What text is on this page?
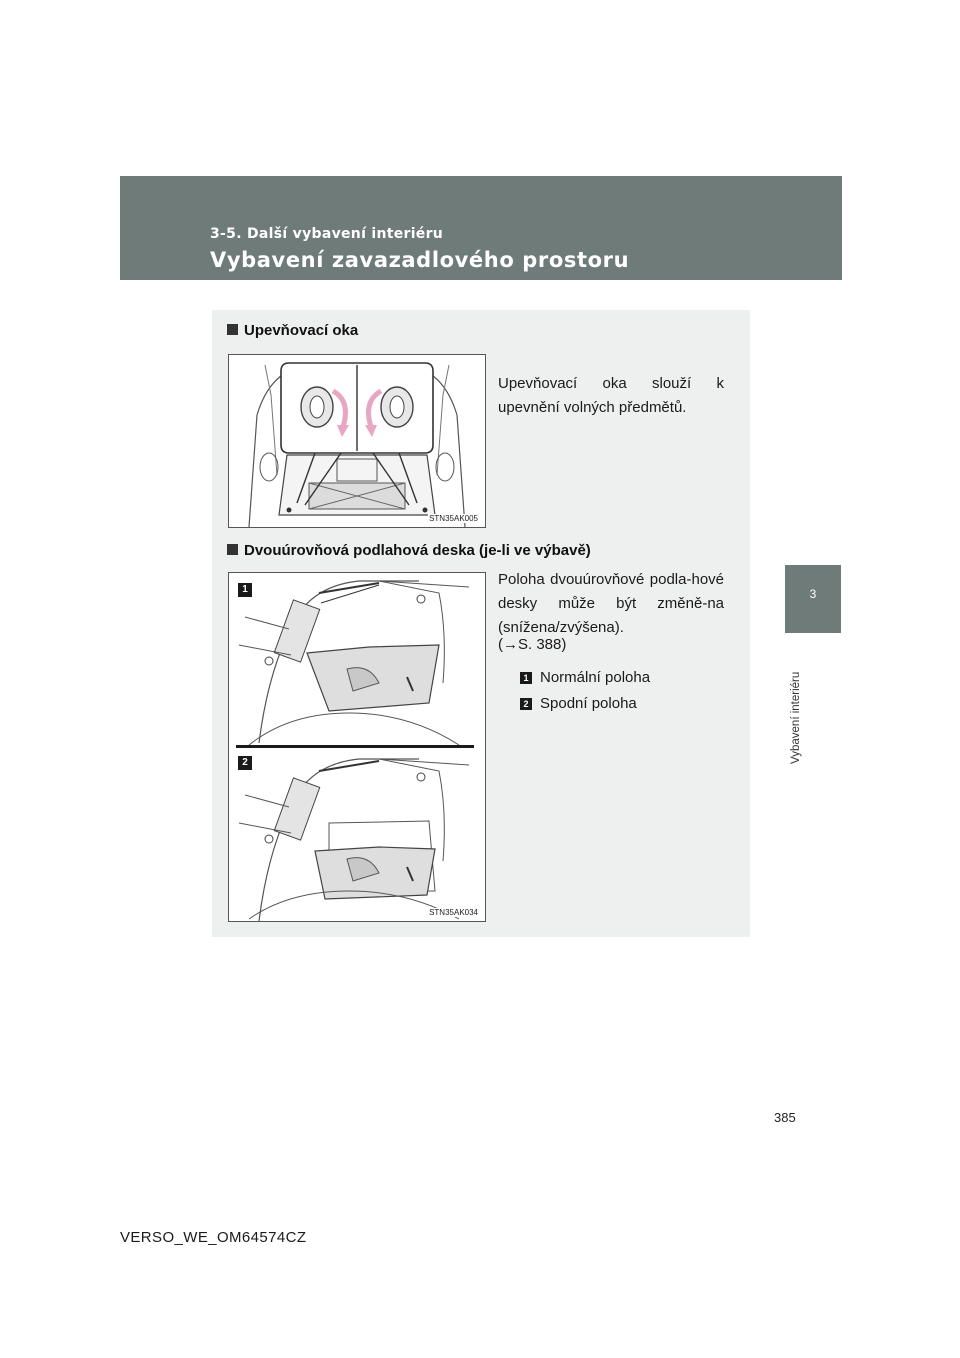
3-5. Další vybavení interiéru
Vybavení zavazadlového prostoru
3
Vybavení interiéru
Upevňovací oka
STN35AK005
Upevňovací oka slouží k upevnění volných předmětů.
Dvouúrovňová podlahová deska (je-li ve výbavě)
STN35AK034
1
2
Poloha dvouúrovňové podla-hové desky může být změně-na (snížena/zvýšena).
(→S. 388)
1 Normální poloha
2 Spodní poloha
385
VERSO_WE_OM64574CZ
